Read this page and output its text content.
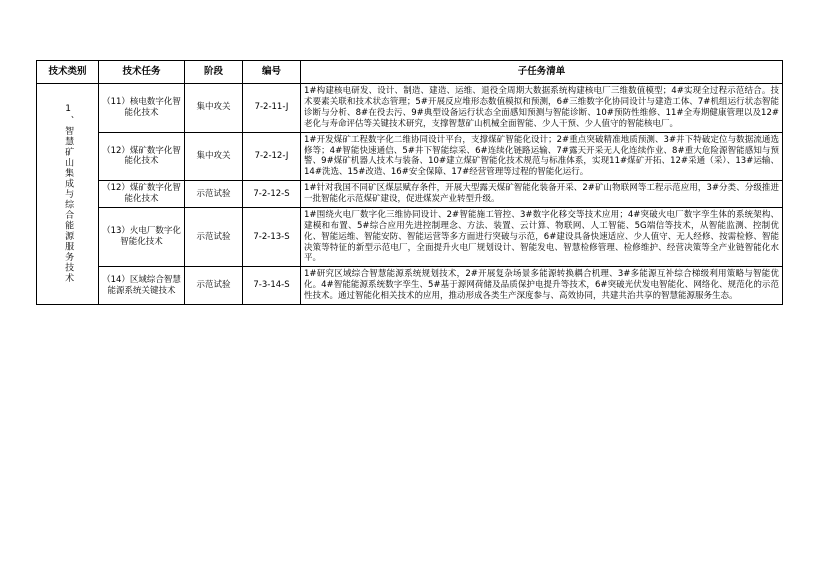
技术类别	技术任务	阶段	编号	子任务清单

1、智慧矿山集成与综合能源服务技术	（11）核电数字化智能化技术	集中攻关	7-2-11-J	1#构建核电研发、设计、制造、建造、运维、退役全周期大数据系统构建核电厂三维数值模型；4#实现全过程示范结合。技术要素关联和技术状态管理；5#开展反应堆形态数值模拟和预测，6#三维数字化协同设计与建造工体、7#机组运行状态智能诊断与分析、8#在役去污、9#典型设备运行状态全面感知预测与智能诊断、10#预防性维修、11#全寿期健康管理以及12#老化与寿命评估等关键技术研究，支撑智慧矿山机械全面智能、少人干预、少人值守的智能核电厂。
	（12）煤矿数字化智能化技术	集中攻关	7-2-12-J	1#开发煤矿工程数字化二维协同设计平台，支撑煤矿智能化设计；2#重点突破精准地质预测、3#井下特破定位与数据流通选修等；4#智能快速通信、5#井下智能综采、6#连续化链路运输、7#露天开采无人化连续作业、8#重大危险源智能感知与预警、9#煤矿机器人技术与装备、10#建立煤矿智能化技术规范与标准体系，实现11#煤矿开拓、12#采通（采）、13#运输、14#洗选、15#改造、16#安全保障、17#经营管理等过程的智能化运行。
	（12）煤矿数字化智能化技术	示范试验	7-2-12-S	1#针对我国不同矿区煤层赋存条件，开展大型露天煤矿智能化装备开采、2#矿山物联网等工程示范应用，3#分类、分级推进一批智能化示范煤矿建设，促进煤炭产业转型升级。
	（13）火电厂数字化智能化技术	示范试验	7-2-13-S	1#围绕火电厂数字化三维协同设计、2#智能施工管控、3#数字化移交等技术应用；4#突破火电厂数字孪生体的系统架构、建模和布置、5#综合应用先进控制理念、方法、装置、云计算、物联网、人工智能、5G端信等技术，从智能监测、控制优化、智能运维、智能安防、智能运营等多方面进行突破与示范，6#建设具备快速适应、少人值守、无人经修、按需检修、智能决策等特征的新型示范电厂，全面提升火电厂规划设计、智能发电、智慧检修管理、检修维护、经营决策等全产业链智能化水平。
	（14）区域综合智慧能源系统关键技术	示范试验	7-3-14-S	1#研究区域综合智慧能源系统规划技术，2#开展复杂场景多能源转换耦合机理、3#多能源互补综合梯级利用策略与智能优化。4#智能能源系统数字孪生、5#基于源网荷储及品质保护电提升等技术，6#突破光伏发电智能化、网络化、规范化的示范性技术。通过智能化相关技术的应用，推动形成各类生产深度参与、高效协同，共建共治共享的智慧能源服务生态。
